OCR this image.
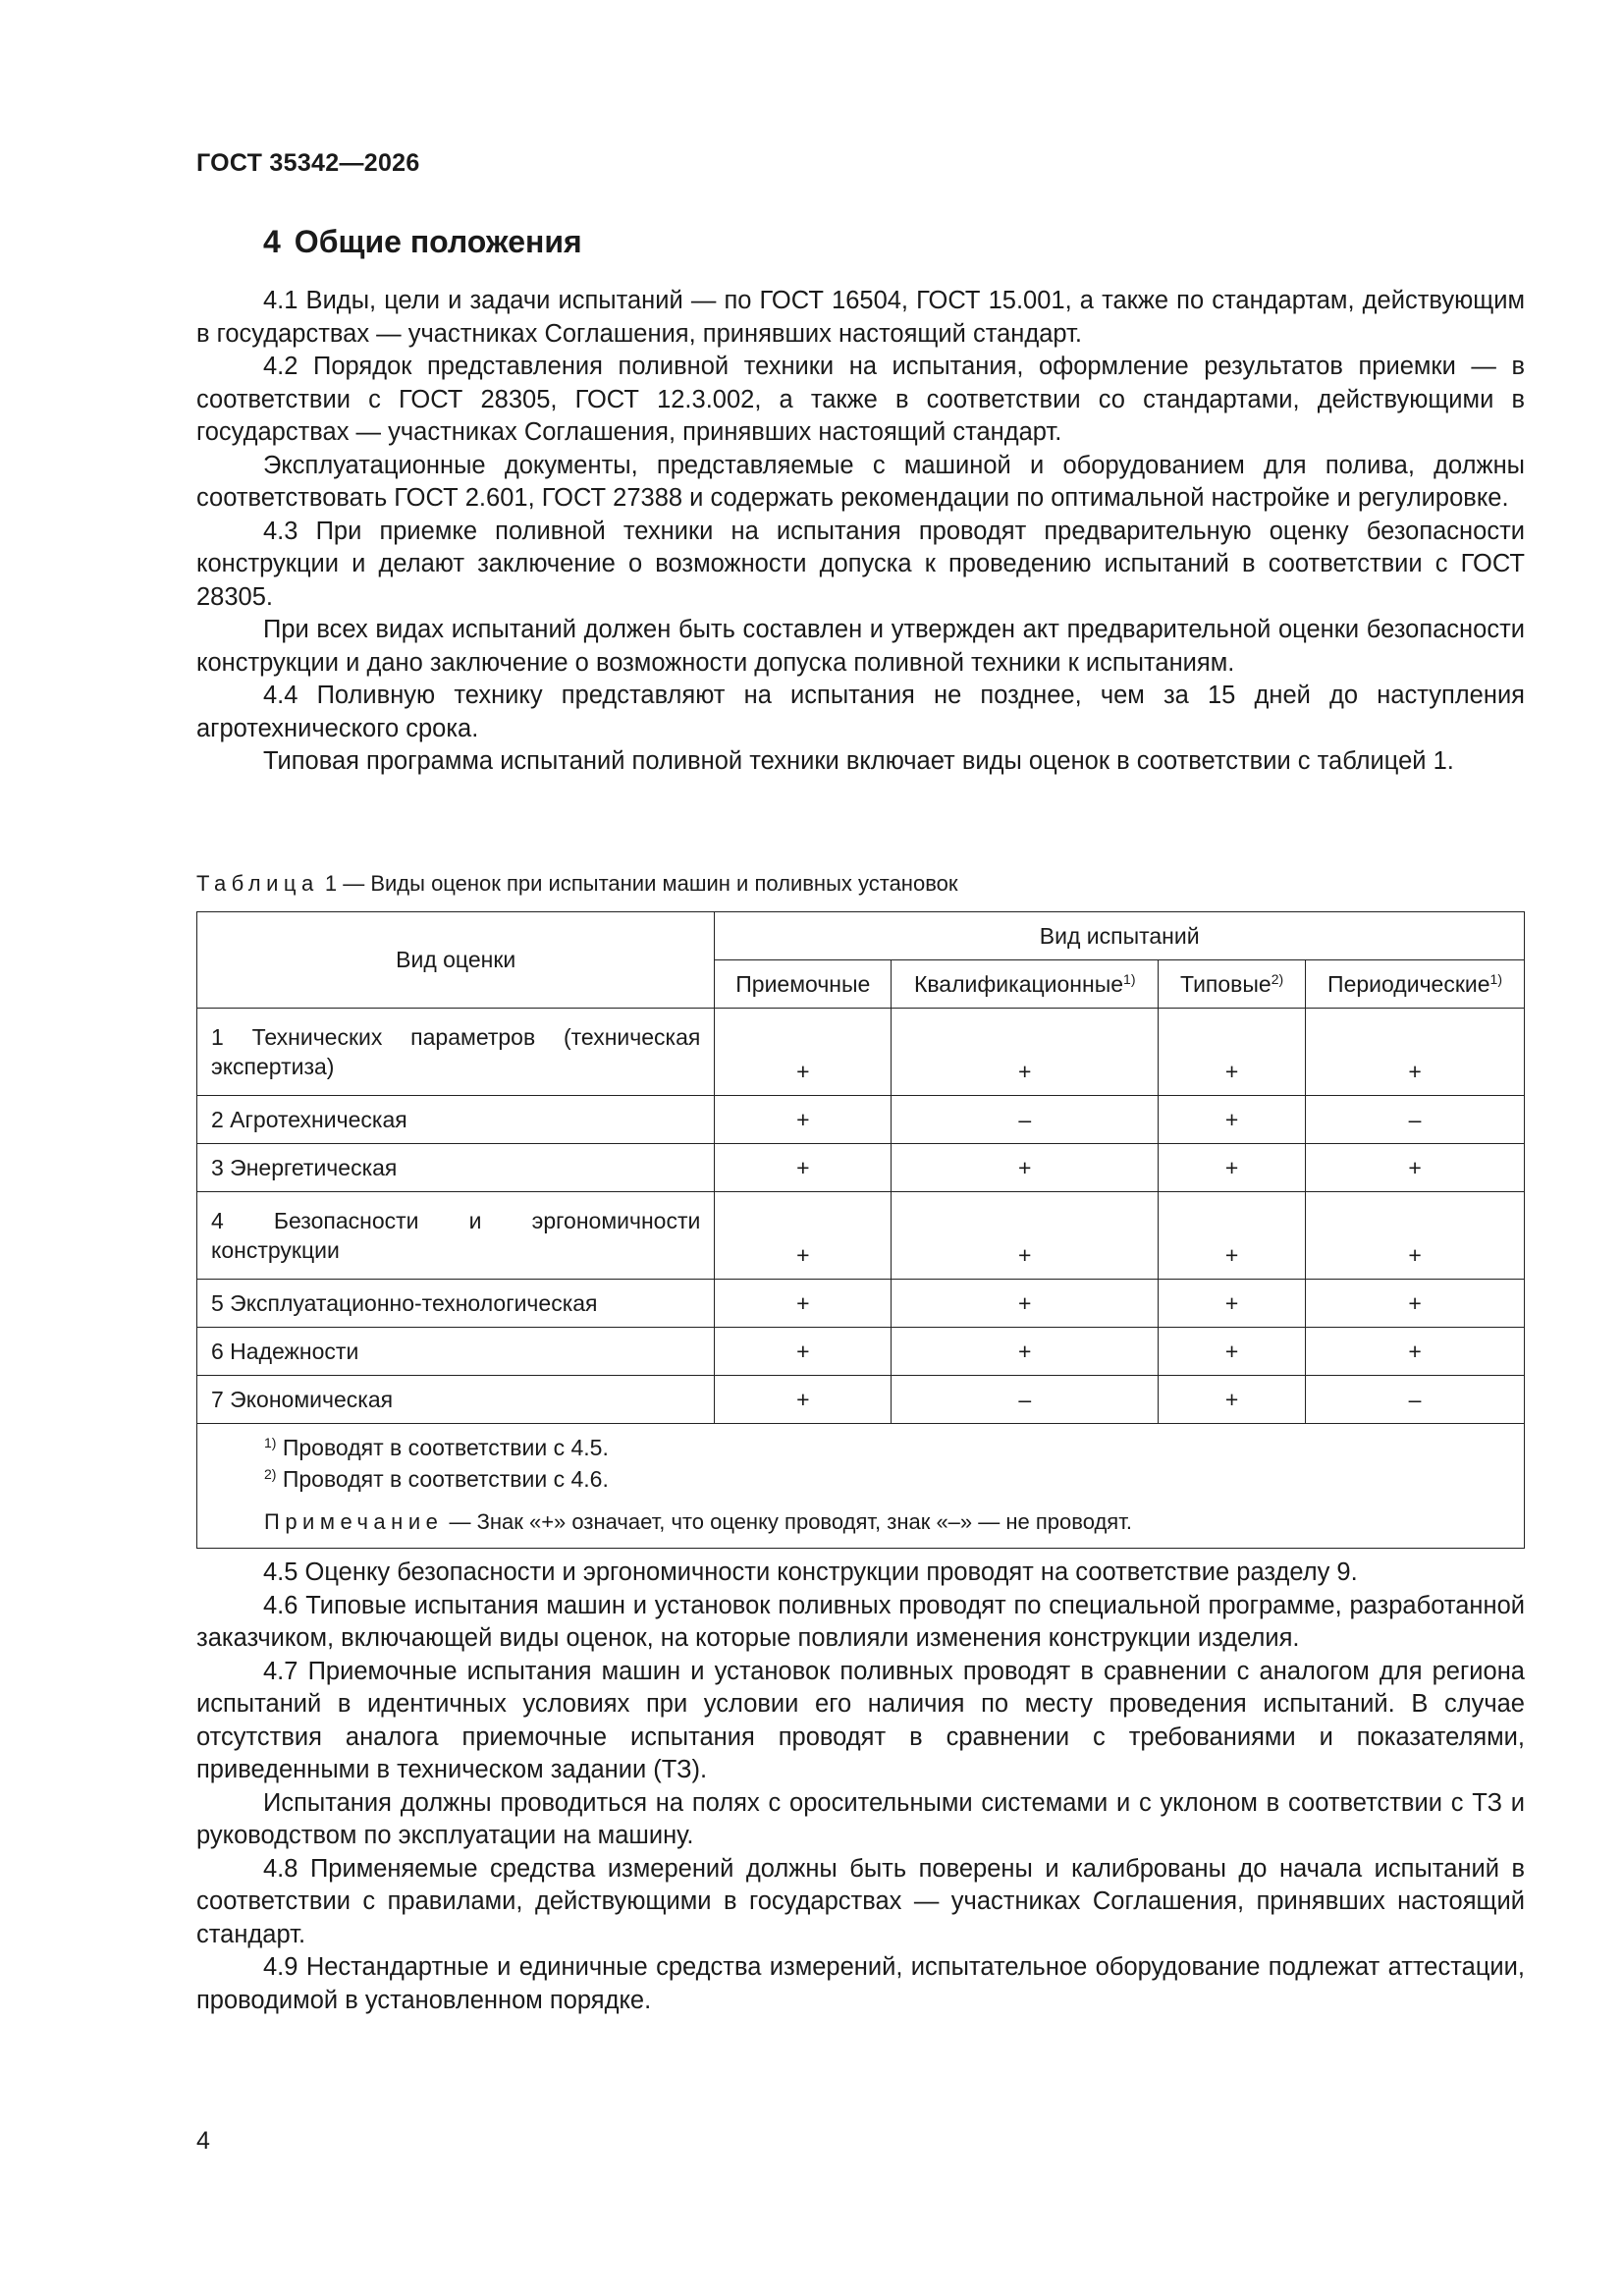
ГОСТ 35342—2026
4 Общие положения

4.1 Виды, цели и задачи испытаний — по ГОСТ 16504, ГОСТ 15.001, а также по стандартам, действующим в государствах — участниках Соглашения, принявших настоящий стандарт.

4.2 Порядок представления поливной техники на испытания, оформление результатов приемки — в соответствии с ГОСТ 28305, ГОСТ 12.3.002, а также в соответствии со стандартами, действующими в государствах — участниках Соглашения, принявших настоящий стандарт.

Эксплуатационные документы, представляемые с машиной и оборудованием для полива, должны соответствовать ГОСТ 2.601, ГОСТ 27388 и содержать рекомендации по оптимальной настройке и регулировке.

4.3 При приемке поливной техники на испытания проводят предварительную оценку безопасности конструкции и делают заключение о возможности допуска к проведению испытаний в соответствии с ГОСТ 28305.

При всех видах испытаний должен быть составлен и утвержден акт предварительной оценки безопасности конструкции и дано заключение о возможности допуска поливной техники к испытаниям.

4.4 Поливную технику представляют на испытания не позднее, чем за 15 дней до наступления агротехнического срока.

Типовая программа испытаний поливной техники включает виды оценок в соответствии с таблицей 1.

Таблица 1 — Виды оценок при испытании машин и поливных установок
Вид оценки	Вид испытаний			
	Приемочные	Квалификационные$^{1)}$	Типовые$^{2)}$	Периодические$^{1)}$
1 Технических параметров (техническая экспертиза)	+	+	+	+
2 Агротехническая	+	–	+	–
3 Энергетическая	+	+	+	+
4 Безопасности и эргономичности конструкции	+	+	+	+
5 Эксплуатационно-технологическая	+	+	+	+
6 Надежности	+	+	+	+
7 Экономическая	+	–	+	–

$^{1)}$ Проводят в соответствии с 4.5.
$^{2)}$ Проводят в соответствии с 4.6.
Примечание — Знак «+» означает, что оценку проводят, знак «–» — не проводят.				

4.5 Оценку безопасности и эргономичности конструкции проводят на соответствие разделу 9.

4.6 Типовые испытания машин и установок поливных проводят по специальной программе, разработанной заказчиком, включающей виды оценок, на которые повлияли изменения конструкции изделия.

4.7 Приемочные испытания машин и установок поливных проводят в сравнении с аналогом для региона испытаний в идентичных условиях при условии его наличия по месту проведения испытаний. В случае отсутствия аналога приемочные испытания проводят в сравнении с требованиями и показателями, приведенными в техническом задании (ТЗ).

Испытания должны проводиться на полях с оросительными системами и с уклоном в соответствии с ТЗ и руководством по эксплуатации на машину.

4.8 Применяемые средства измерений должны быть поверены и калиброваны до начала испытаний в соответствии с правилами, действующими в государствах — участниках Соглашения, принявших настоящий стандарт.

4.9 Нестандартные и единичные средства измерений, испытательное оборудование подлежат аттестации, проводимой в установленном порядке.

4
